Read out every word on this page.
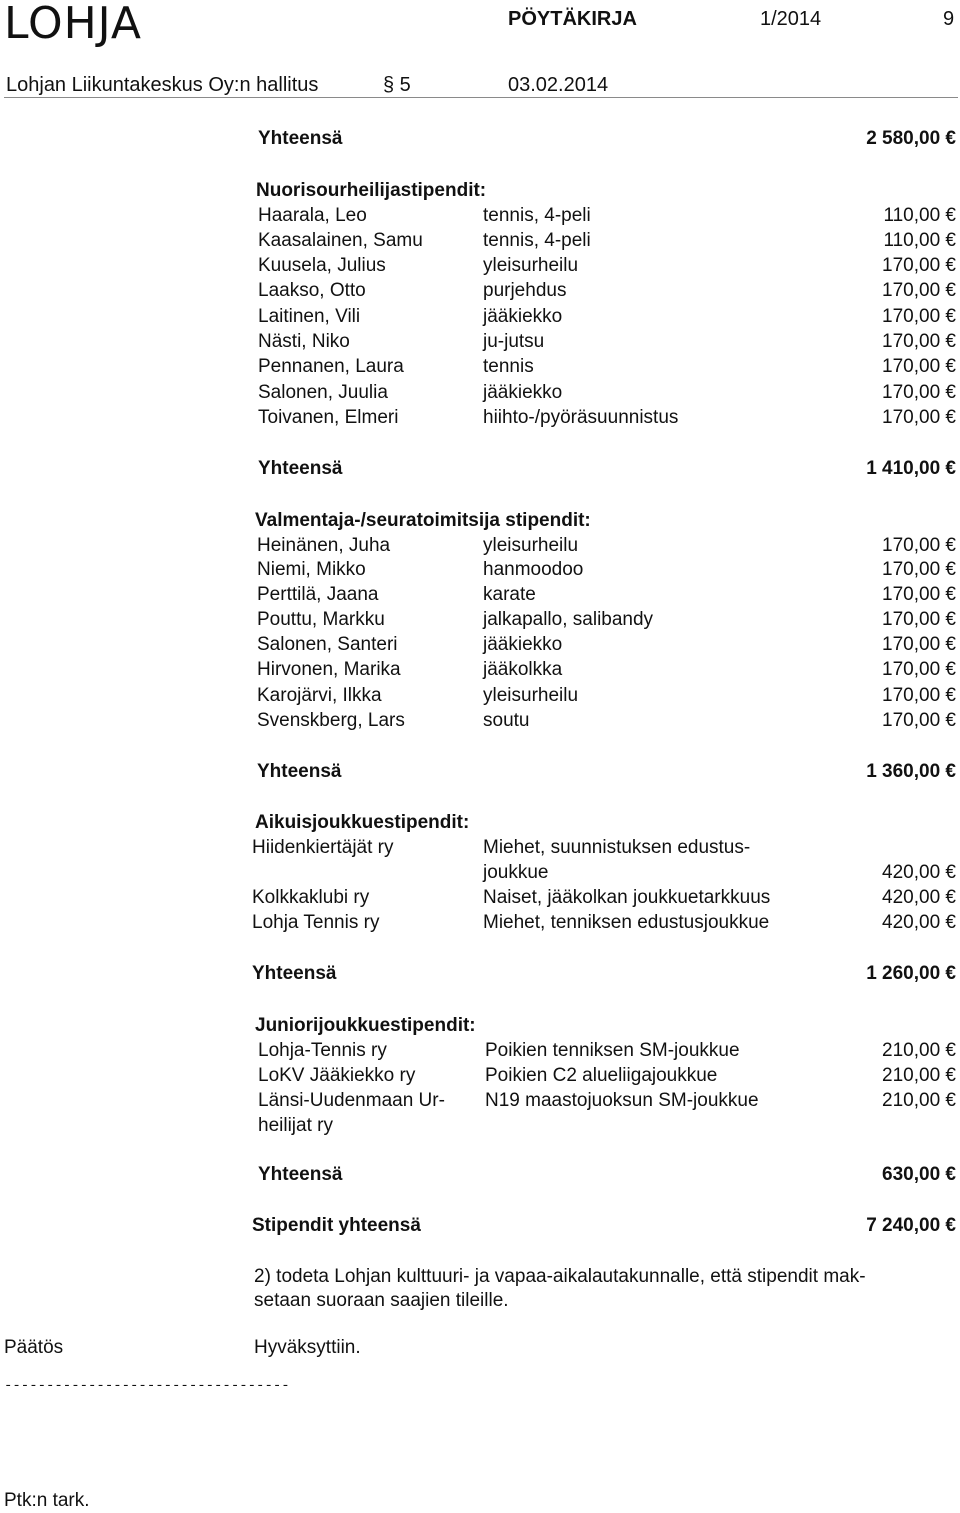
LOHJA	PÖYTÄKIRJA	1/2014	9
Lohjan Liikuntakeskus Oy:n hallitus	§ 5	03.02.2014
Yhteensä	2 580,00 €
Nuorisourheilijastipendit:
Haarala, Leo	tennis, 4-peli	110,00 €
Kaasalainen, Samu	tennis, 4-peli	110,00 €
Kuusela, Julius	yleisurheilu	170,00 €
Laakso, Otto	purjehdus	170,00 €
Laitinen, Vili	jääkiekko	170,00 €
Nästi, Niko	ju-jutsu	170,00 €
Pennanen, Laura	tennis	170,00 €
Salonen, Juulia	jääkiekko	170,00 €
Toivanen, Elmeri	hiihto-/pyöräsuunnistus	170,00 €
Yhteensä	1 410,00 €
Valmentaja-/seuratoimitsija stipendit:
Heinänen, Juha	yleisurheilu	170,00 €
Niemi, Mikko	hanmoodoo	170,00 €
Perttilä, Jaana	karate	170,00 €
Pouttu, Markku	jalkapallo, salibandy	170,00 €
Salonen, Santeri	jääkiekko	170,00 €
Hirvonen, Marika	jääkolkka	170,00 €
Karojärvi, Ilkka	yleisurheilu	170,00 €
Svenskberg, Lars	soutu	170,00 €
Yhteensä	1 360,00 €
Aikuisjoukkuestipendit:
Hiidenkiertäjät ry	Miehet, suunnistuksen edustus-
joukkue	420,00 €
Kolkkaklubi ry	Naiset, jääkolkan joukkuetarkkuus	420,00 €
Lohja Tennis ry	Miehet, tenniksen edustusjoukkue	420,00 €
Yhteensä	1 260,00 €
Juniorijoukkuestipendit:
Lohja-Tennis ry	Poikien tenniksen SM-joukkue	210,00 €
LoKV Jääkiekko ry	Poikien C2 alueliigajoukkue	210,00 €
Länsi-Uudenmaan Ur-
heilijat ry
N19 maastojuoksun SM-joukkue	210,00 €
Yhteensä	630,00 €
Stipendit yhteensä	7 240,00 €
2) todeta Lohjan kulttuuri- ja vapaa-aikalautakunnalle, että stipendit mak-
setaan suoraan saajien tileille.
Päätös	Hyväksyttiin.
----------------------------------
Ptk:n tark.
